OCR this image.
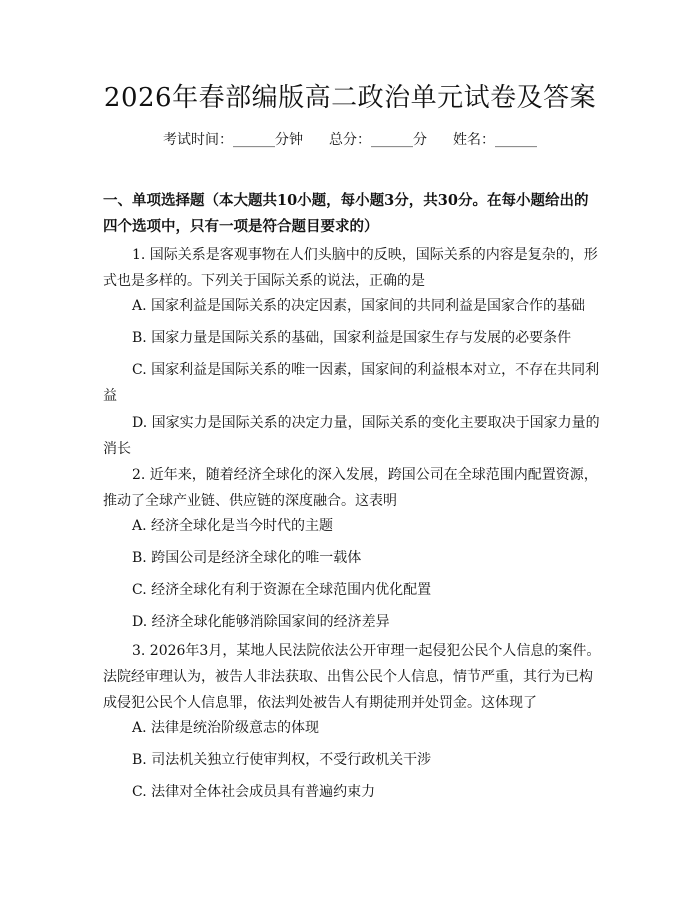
2026年春部编版高二政治单元试卷及答案
考试时间：______分钟 总分：______分 姓名：______
一、单项选择题（本大题共10小题，每小题3分，共30分。在每小题给出的四个选项中，只有一项是符合题目要求的）
1. 国际关系是客观事物在人们头脑中的反映，国际关系的内容是复杂的，形式也是多样的。下列关于国际关系的说法，正确的是
A. 国家利益是国际关系的决定因素，国家间的共同利益是国家合作的基础
B. 国家力量是国际关系的基础，国家利益是国家生存与发展的必要条件
C. 国家利益是国际关系的唯一因素，国家间的利益根本对立，不存在共同利益
D. 国家实力是国际关系的决定力量，国际关系的变化主要取决于国家力量的消长
2. 近年来，随着经济全球化的深入发展，跨国公司在全球范围内配置资源，推动了全球产业链、供应链的深度融合。这表明
A. 经济全球化是当今时代的主题
B. 跨国公司是经济全球化的唯一载体
C. 经济全球化有利于资源在全球范围内优化配置
D. 经济全球化能够消除国家间的经济差异
3. 2026年3月，某地人民法院依法公开审理一起侵犯公民个人信息的案件。法院经审理认为，被告人非法获取、出售公民个人信息，情节严重，其行为已构成侵犯公民个人信息罪，依法判处被告人有期徒刑并处罚金。这体现了
A. 法律是统治阶级意志的体现
B. 司法机关独立行使审判权，不受行政机关干涉
C. 法律对全体社会成员具有普遍约束力
